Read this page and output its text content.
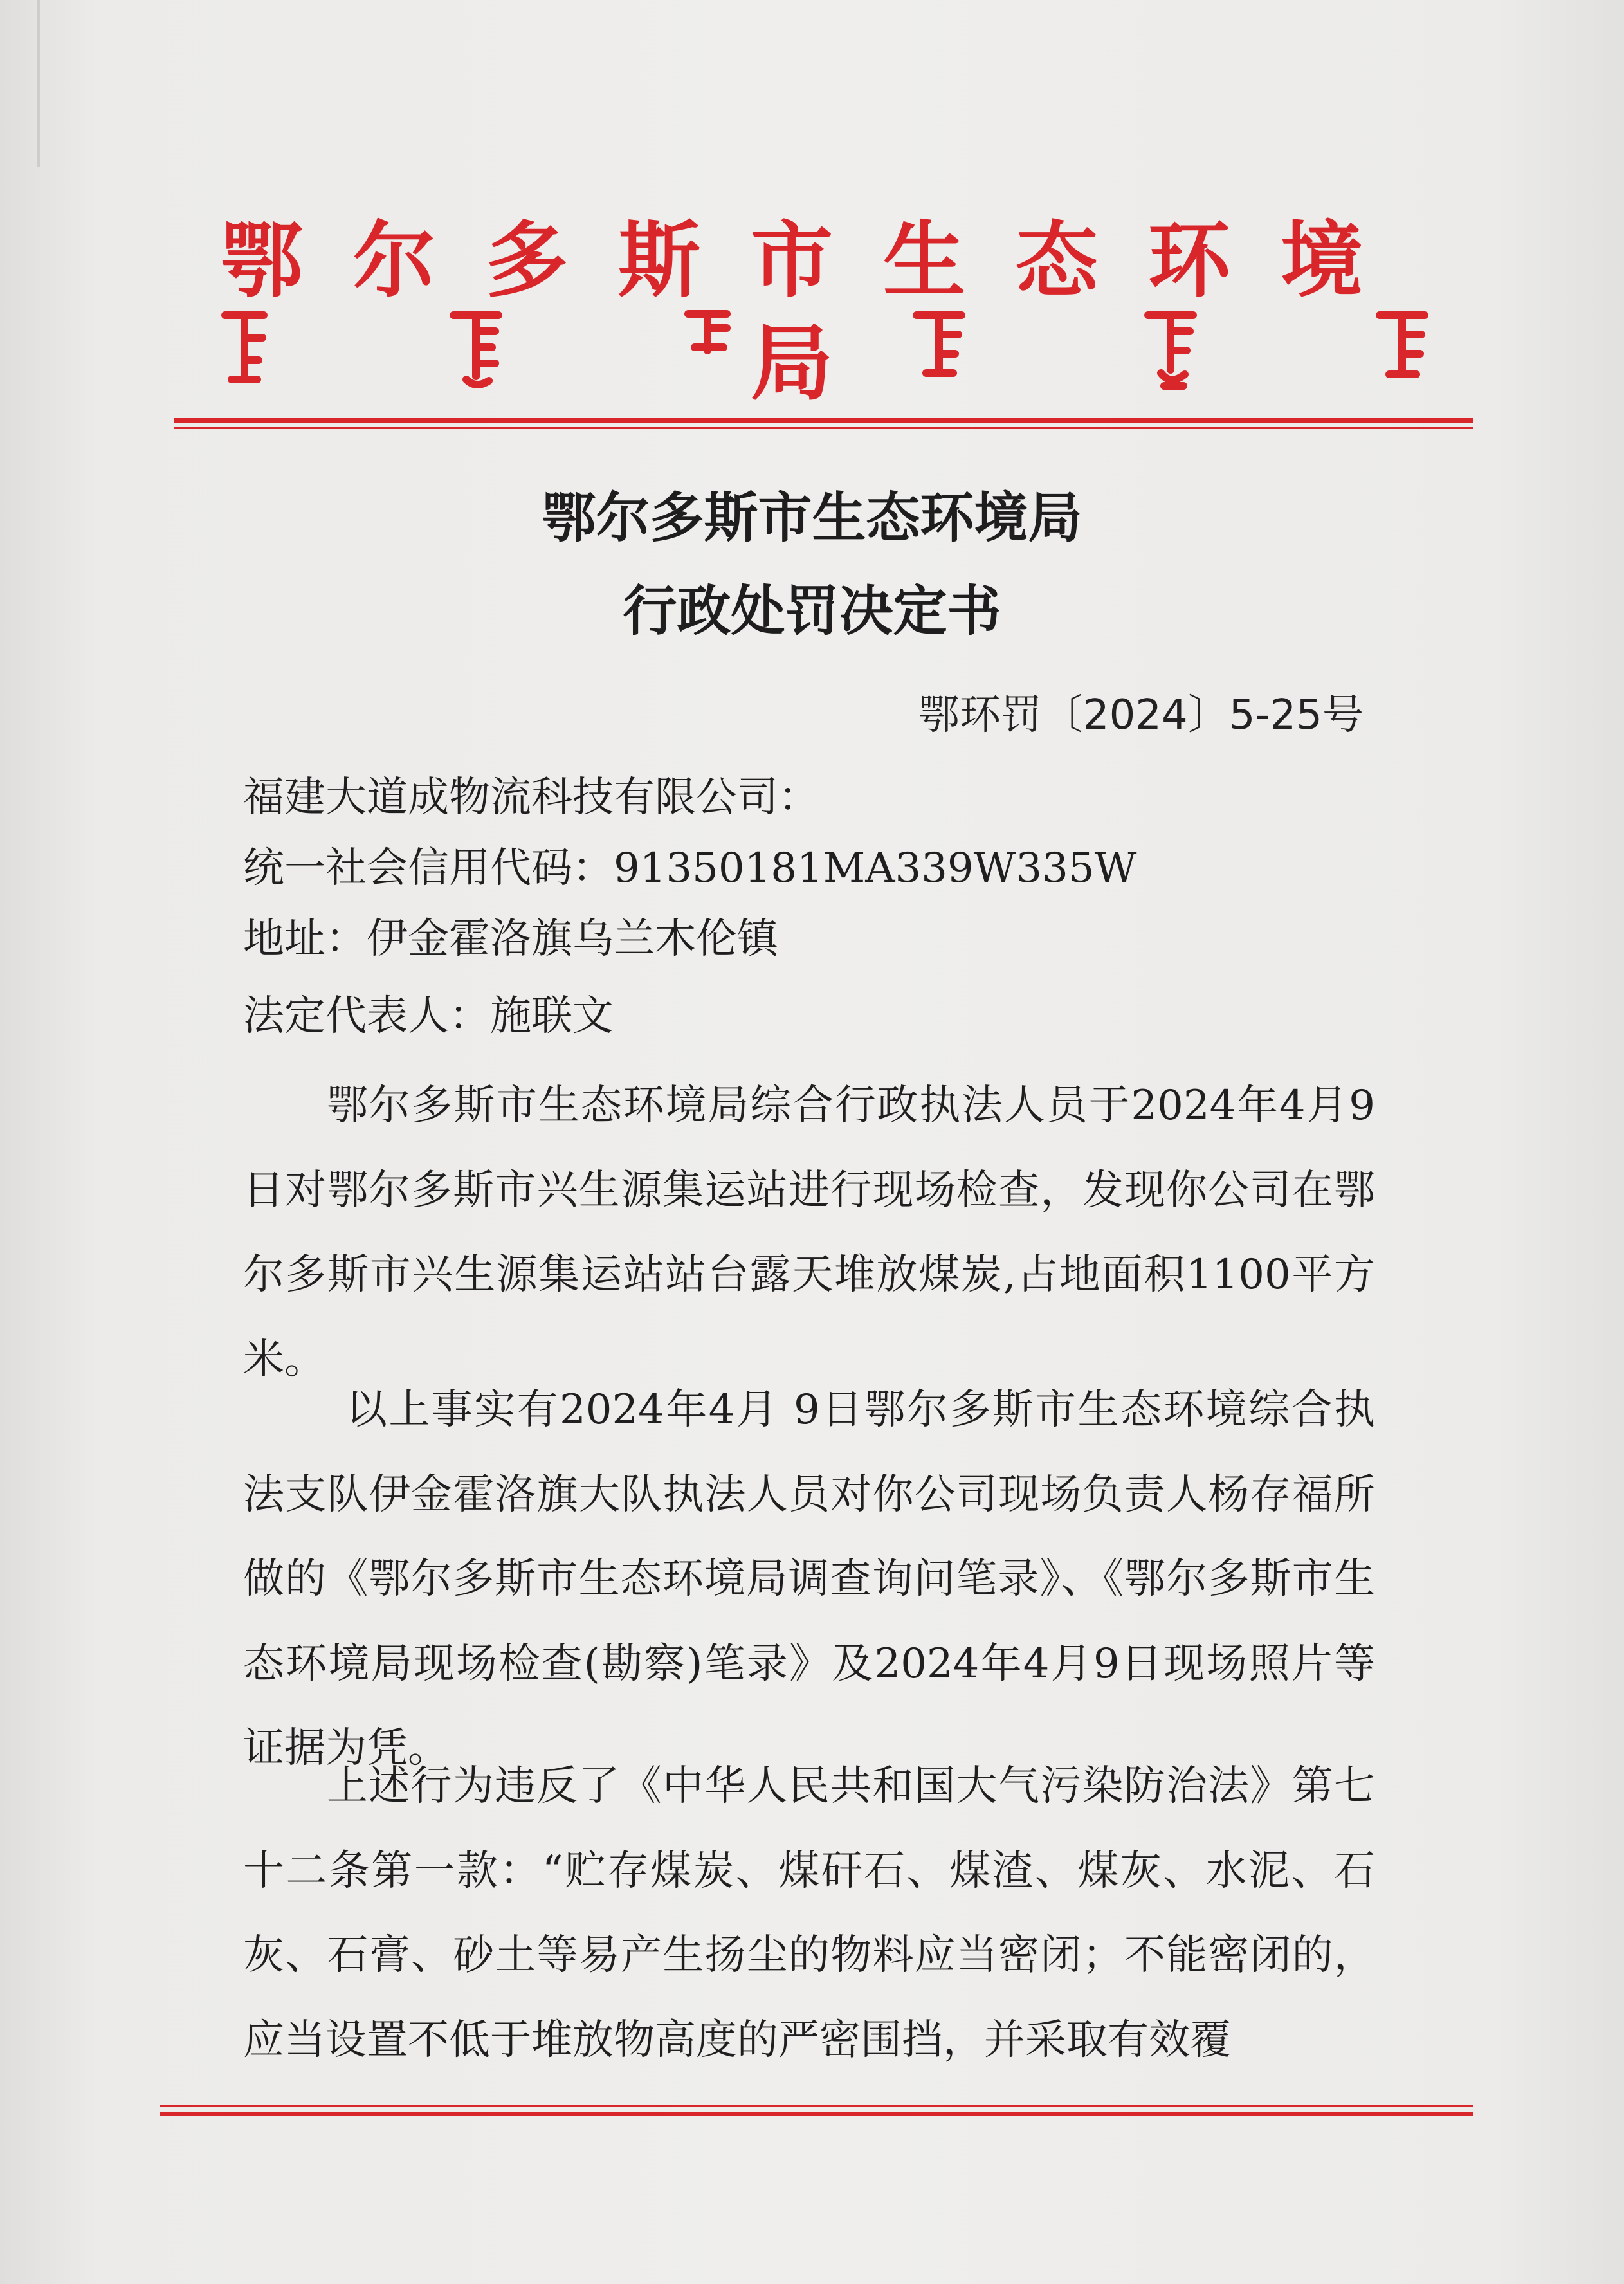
鄂尔多斯市生态环境局
鄂尔多斯市生态环境局
行政处罚决定书
鄂环罚〔2024〕5-25号
福建大道成物流科技有限公司：
统一社会信用代码：91350181MA339W335W
地址：伊金霍洛旗乌兰木伦镇
法定代表人：施联文
鄂尔多斯市生态环境局综合行政执法人员于2024年4月9日对鄂尔多斯市兴生源集运站进行现场检查，发现你公司在鄂尔多斯市兴生源集运站站台露天堆放煤炭,占地面积1100平方米。
以上事实有2024年4月 9日鄂尔多斯市生态环境综合执法支队伊金霍洛旗大队执法人员对你公司现场负责人杨存福所做的《鄂尔多斯市生态环境局调查询问笔录》、《鄂尔多斯市生态环境局现场检查(勘察)笔录》及2024年4月9日现场照片等证据为凭。
上述行为违反了《中华人民共和国大气污染防治法》第七十二条第一款：“贮存煤炭、煤矸石、煤渣、煤灰、水泥、石灰、石膏、砂土等易产生扬尘的物料应当密闭；不能密闭的，应当设置不低于堆放物高度的严密围挡，并采取有效覆
